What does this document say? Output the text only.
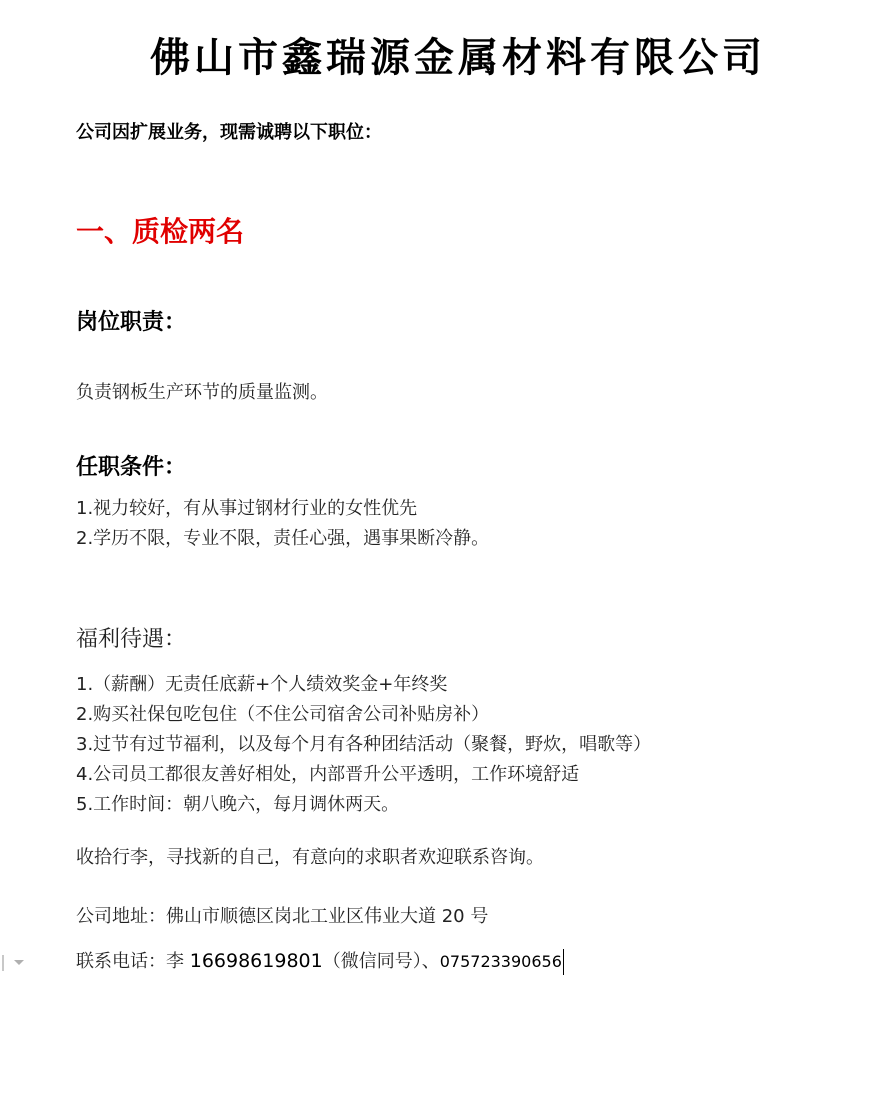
佛山市鑫瑞源金属材料有限公司
公司因扩展业务，现需诚聘以下职位：
一、质检两名
岗位职责：
负责钢板生产环节的质量监测。
任职条件：
1.视力较好，有从事过钢材行业的女性优先
2.学历不限，专业不限，责任心强，遇事果断冷静。
福利待遇：
1.（薪酬）无责任底薪+个人绩效奖金+年终奖
2.购买社保包吃包住（不住公司宿舍公司补贴房补）
3.过节有过节福利，以及每个月有各种团结活动（聚餐，野炊，唱歌等）
4.公司员工都很友善好相处，内部晋升公平透明，工作环境舒适
5.工作时间：朝八晚六，每月调休两天。
收拾行李，寻找新的自己，有意向的求职者欢迎联系咨询。
公司地址：佛山市顺德区岗北工业区伟业大道 20 号
联系电话：李 16698619801（微信同号）、075723390656
